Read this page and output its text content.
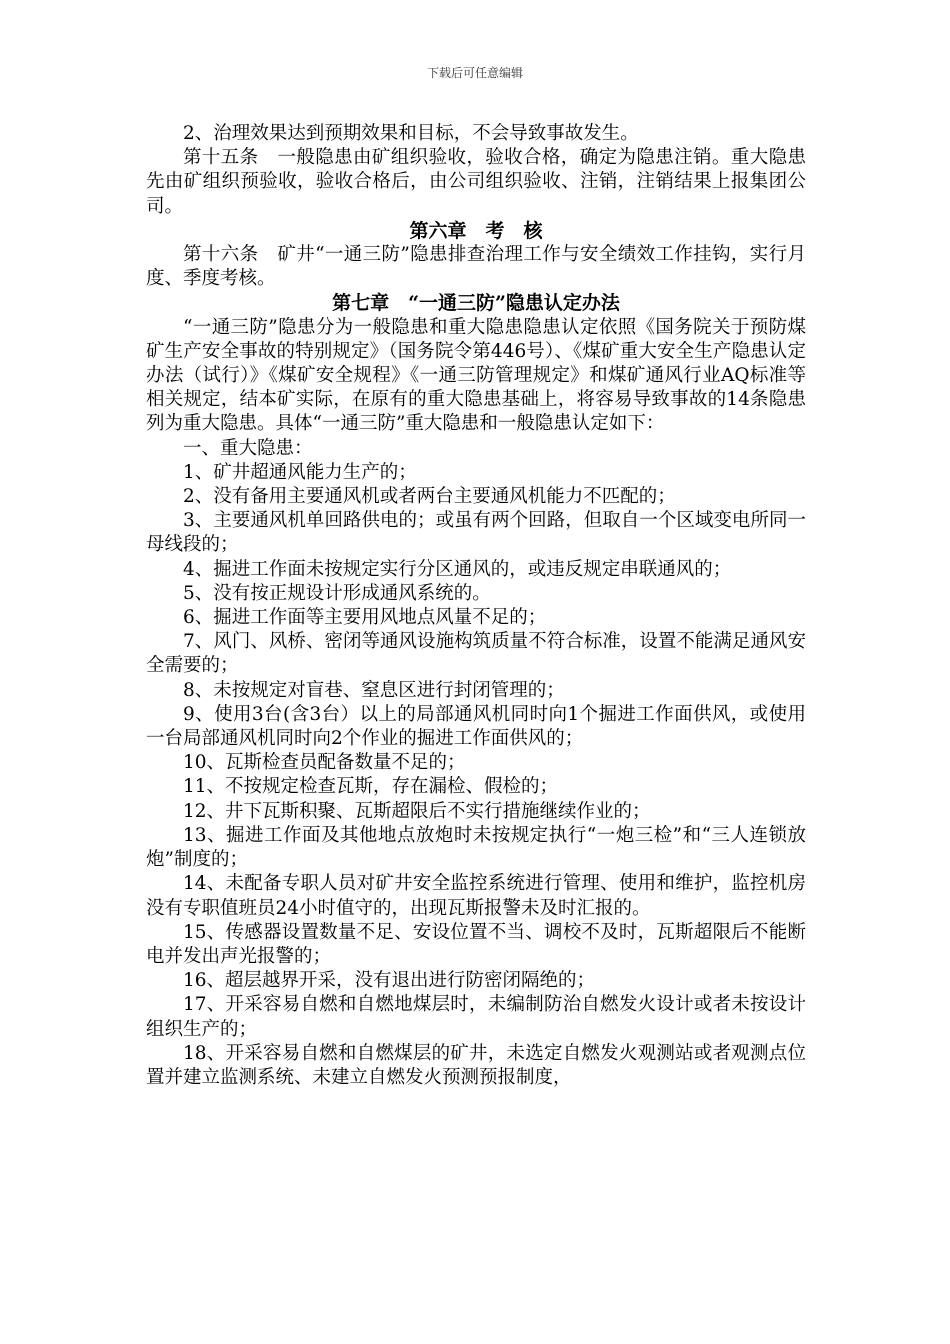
下载后可任意编辑

2、治理效果达到预期效果和目标，不会导致事故发生。

第十五条　一般隐患由矿组织验收，验收合格，确定为隐患注销。重大隐患先由矿组织预验收，验收合格后，由公司组织验收、注销，注销结果上报集团公司。

第六章　考　核

第十六条　矿井“一通三防”隐患排查治理工作与安全绩效工作挂钩，实行月度、季度考核。

第七章　“一通三防”隐患认定办法

“一通三防”隐患分为一般隐患和重大隐患隐患认定依照《国务院关于预防煤矿生产安全事故的特别规定》（国务院令第446号）、《煤矿重大安全生产隐患认定办法（试行）》《煤矿安全规程》《一通三防管理规定》和煤矿通风行业AQ标准等相关规定，结本矿实际，在原有的重大隐患基础上，将容易导致事故的14条隐患列为重大隐患。具体“一通三防”重大隐患和一般隐患认定如下：

一、重大隐患：

1、矿井超通风能力生产的；

2、没有备用主要通风机或者两台主要通风机能力不匹配的；

3、主要通风机单回路供电的；或虽有两个回路，但取自一个区域变电所同一母线段的；

4、掘进工作面未按规定实行分区通风的，或违反规定串联通风的；

5、没有按正规设计形成通风系统的。

6、掘进工作面等主要用风地点风量不足的；

7、风门、风桥、密闭等通风设施构筑质量不符合标准，设置不能满足通风安全需要的；

8、未按规定对盲巷、窒息区进行封闭管理的；

9、使用3台(含3台）以上的局部通风机同时向1个掘进工作面供风，或使用一台局部通风机同时向2个作业的掘进工作面供风的；

10、瓦斯检查员配备数量不足的；

11、不按规定检查瓦斯，存在漏检、假检的；

12、井下瓦斯积聚、瓦斯超限后不实行措施继续作业的；

13、掘进工作面及其他地点放炮时未按规定执行“一炮三检”和“三人连锁放炮”制度的；

14、未配备专职人员对矿井安全监控系统进行管理、使用和维护，监控机房没有专职值班员24小时值守的，出现瓦斯报警未及时汇报的。

15、传感器设置数量不足、安设位置不当、调校不及时，瓦斯超限后不能断电并发出声光报警的；

16、超层越界开采，没有退出进行防密闭隔绝的；

17、开采容易自燃和自燃地煤层时，未编制防治自燃发火设计或者未按设计组织生产的；

18、开采容易自燃和自燃煤层的矿井，未选定自燃发火观测站或者观测点位置并建立监测系统、未建立自燃发火预测预报制度，
